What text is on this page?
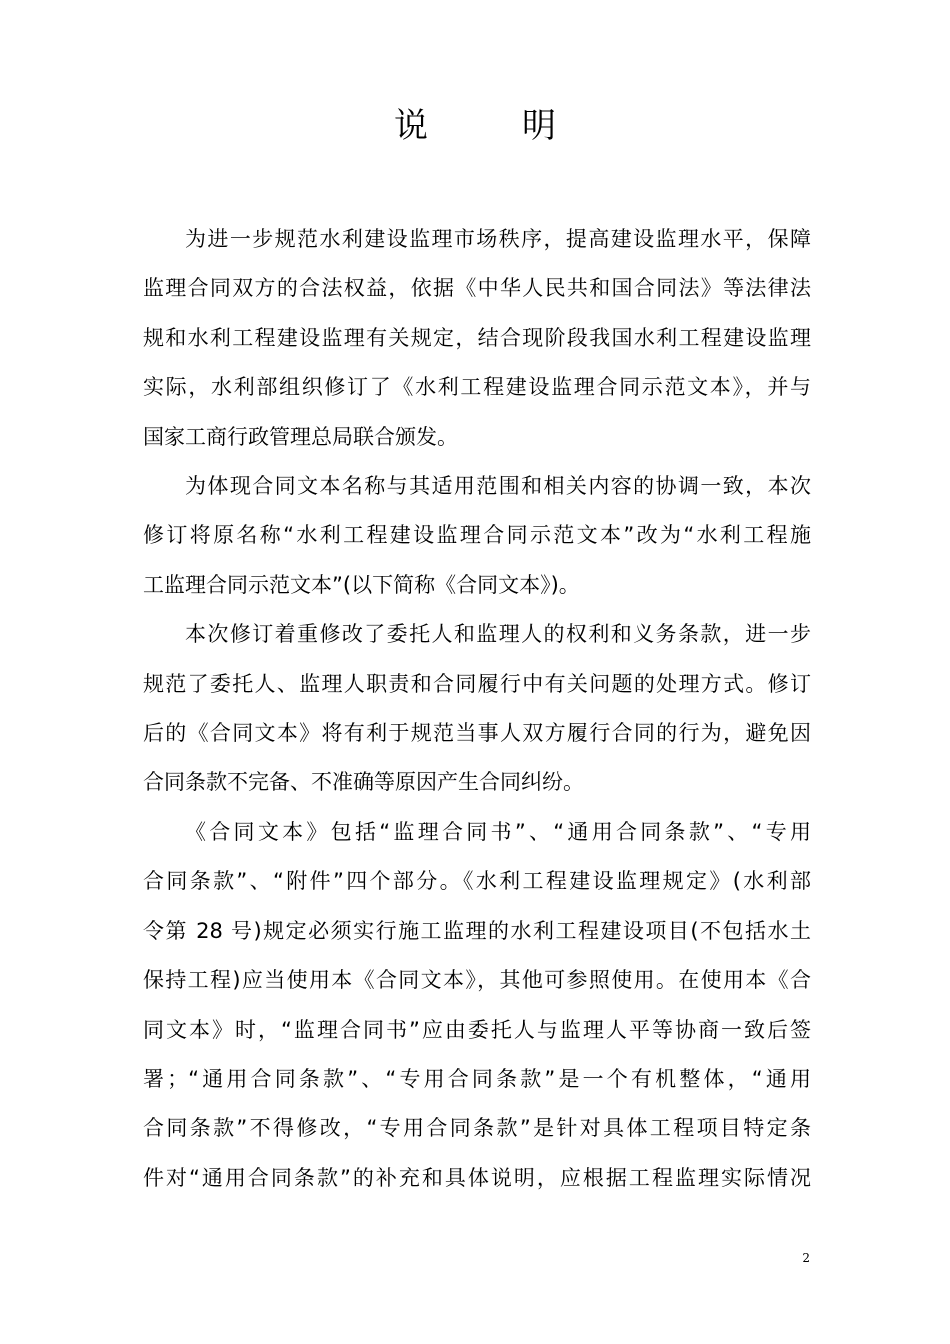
说　明
为进一步规范水利建设监理市场秩序，提高建设监理水平，保障
监理合同双方的合法权益，依据《中华人民共和国合同法》等法律法
规和水利工程建设监理有关规定，结合现阶段我国水利工程建设监理
实际，水利部组织修订了《水利工程建设监理合同示范文本》，并与
国家工商行政管理总局联合颁发。
为体现合同文本名称与其适用范围和相关内容的协调一致，本次
修订将原名称“水利工程建设监理合同示范文本”改为“水利工程施
工监理合同示范文本”(以下简称《合同文本》)。
本次修订着重修改了委托人和监理人的权利和义务条款，进一步
规范了委托人、监理人职责和合同履行中有关问题的处理方式。修订
后的《合同文本》将有利于规范当事人双方履行合同的行为，避免因
合同条款不完备、不准确等原因产生合同纠纷。
《合同文本》包括“监理合同书”、“通用合同条款”、“专用
合同条款”、“附件”四个部分。《水利工程建设监理规定》(水利部
令第 28 号)规定必须实行施工监理的水利工程建设项目(不包括水土
保持工程)应当使用本《合同文本》，其他可参照使用。在使用本《合
同文本》时，“监理合同书”应由委托人与监理人平等协商一致后签
署；“通用合同条款”、“专用合同条款”是一个有机整体，“通用
合同条款”不得修改，“专用合同条款”是针对具体工程项目特定条
件对“通用合同条款”的补充和具体说明，应根据工程监理实际情况
2
